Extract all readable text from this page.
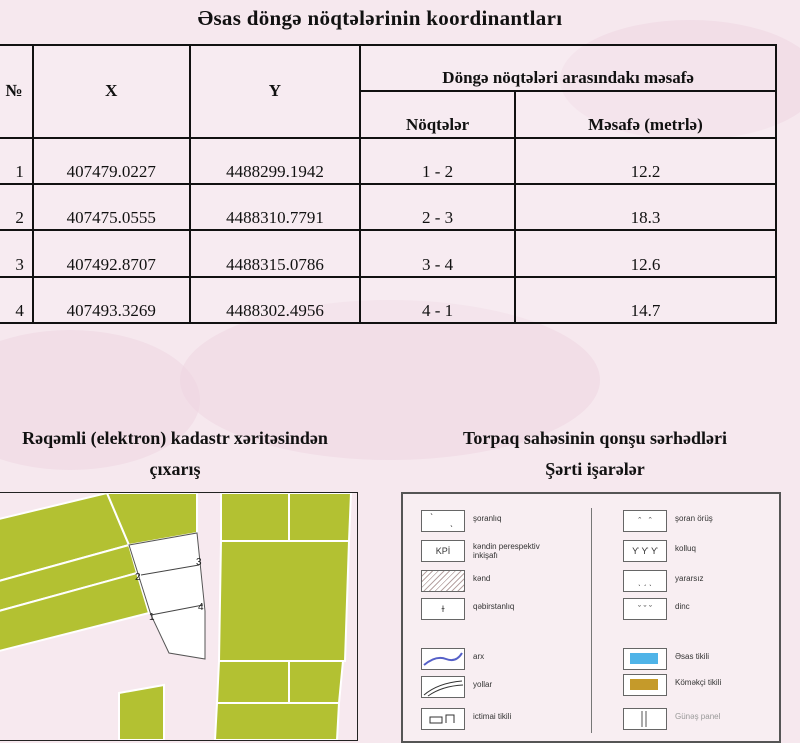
Əsas döngə nöqtələrinin koordinantları
№	X	Y	Döngə nöqtələri arasındakı məsafə	
			Nöqtələr	Məsafə (metrlə)
1	407479.0227	4488299.1942	1 - 2	12.2
2	407475.0555	4488310.7791	2 - 3	18.3
3	407492.8707	4488315.0786	3 - 4	12.6
4	407493.3269	4488302.4956	4 - 1	14.7
Rəqəmli (elektron) kadastr xəritəsindən
çıxarış
Torpaq sahəsinin qonşu sərhədləri
Şərti işarələr
1
2
3
4
ˋ ˎ şoranlıq
KPİ	kəndin perespektiv inkişafı
kənd
ɫ	qəbirstanlıq
arx
yollar
ictimai tikili
ˆ   ˆ	şoran örüş
ϒ ϒ ϒ	kolluq
ˎ ˏ ˎ	yararsız
ˇ ˇ ˇ	dinc
Əsas tikili
Köməkçi tikili
Günəş panel
